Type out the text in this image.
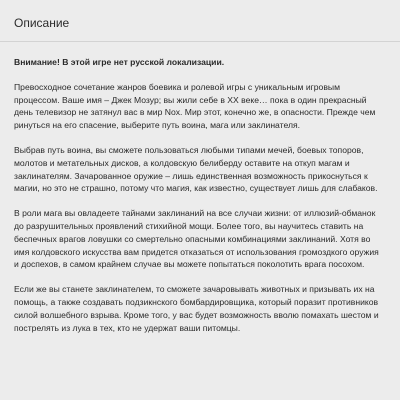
Описание

Внимание! В этой игре нет русской локализации.

Превосходное сочетание жанров боевика и ролевой игры с уникальным игровым процессом. Ваше имя – Джек Мозур; вы жили себе в XX веке… пока в один прекрасный день телевизор не затянул вас в мир Nox. Мир этот, конечно же, в опасности. Прежде чем ринуться на его спасение, выберите путь воина, мага или заклинателя.

Выбрав путь воина, вы сможете пользоваться любыми типами мечей, боевых топоров, молотов и метательных дисков, а колдовскую белиберду оставите на откуп магам и заклинателям. Зачарованное оружие – лишь единственная возможность прикоснуться к магии, но это не страшно, потому что магия, как известно, существует лишь для слабаков.

В роли мага вы овладеете тайнами заклинаний на все случаи жизни: от иллюзий-обманок до разрушительных проявлений стихийной мощи. Более того, вы научитесь ставить на беспечных врагов ловушки со смертельно опасными комбинациями заклинаний. Хотя во имя колдовского искусства вам придется отказаться от использования громоздкого оружия и доспехов, в самом крайнем случае вы можете попытаться поколотить врага посохом.

Если же вы станете заклинателем, то сможете зачаровывать животных и призывать их на помощь, а также создавать подзикнского бомбардировщика, который поразит противников силой волшебного взрыва. Кроме того, у вас будет возможность вволю помахать шестом и пострелять из лука в тех, кто не удержат ваши питомцы.
